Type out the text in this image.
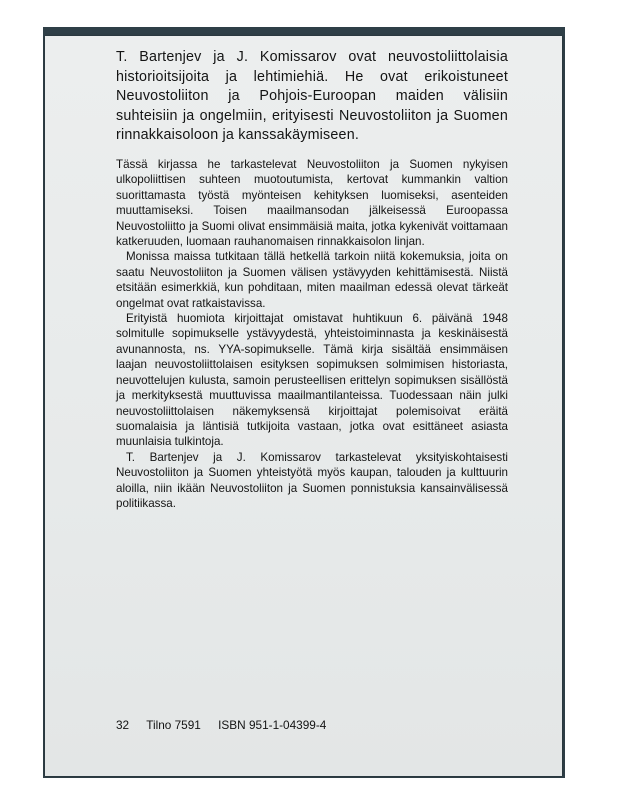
T. Bartenjev ja J. Komissarov ovat neuvostoliittolaisia historioitsijoita ja lehtimiehiä. He ovat erikoistuneet Neuvostoliiton ja Pohjois-Euroopan maiden välisiin suhteisiin ja ongelmiin, erityisesti Neuvostoliiton ja Suomen rinnakkaisoloon ja kanssakäymiseen.

Tässä kirjassa he tarkastelevat Neuvostoliiton ja Suomen nykyisen ulkopoliittisen suhteen muotoutumista, kertovat kummankin valtion suorittamasta työstä myönteisen kehityksen luomiseksi, asenteiden muuttamiseksi. Toisen maailmansodan jälkeisessä Euroopassa Neuvostoliitto ja Suomi olivat ensimmäisiä maita, jotka kykenivät voittamaan katkeruuden, luomaan rauhanomaisen rinnakkaisolon linjan.

Monissa maissa tutkitaan tällä hetkellä tarkoin niitä kokemuksia, joita on saatu Neuvostoliiton ja Suomen välisen ystävyyden kehittämisestä. Niistä etsitään esimerkkiä, kun pohditaan, miten maailman edessä olevat tärkeät ongelmat ovat ratkaistavissa.

Erityistä huomiota kirjoittajat omistavat huhtikuun 6. päivänä 1948 solmitulle sopimukselle ystävyydestä, yhteistoiminnasta ja keskinäisestä avunannosta, ns. YYA-sopimukselle. Tämä kirja sisältää ensimmäisen laajan neuvostoliittolaisen esityksen sopimuksen solmimisen historiasta, neuvottelujen kulusta, samoin perusteellisen erittelyn sopimuksen sisällöstä ja merkityksestä muuttuvissa maailmantilanteissa. Tuodessaan näin julki neuvostoliittolaisen näkemyksensä kirjoittajat polemisoivat eräitä suomalaisia ja läntisiä tutkijoita vastaan, jotka ovat esittäneet asiasta muunlaisia tulkintoja.

T. Bartenjev ja J. Komissarov tarkastelevat yksityiskohtaisesti Neuvostoliiton ja Suomen yhteistyötä myös kaupan, talouden ja kulttuurin aloilla, niin ikään Neuvostoliiton ja Suomen ponnistuksia kansainvälisessä politiikassa.

32 Tilno 7591 ISBN 951-1-04399-4
